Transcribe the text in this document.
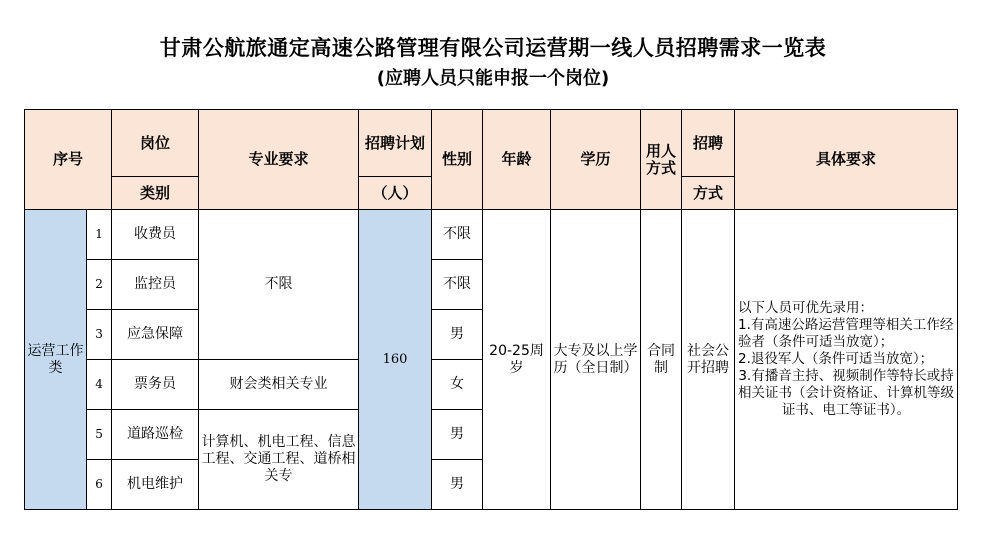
甘肃公航旅通定高速公路管理有限公司运营期一线人员招聘需求一览表
(应聘人员只能申报一个岗位)
序号		岗位	专业要求	招聘计划	性别	年龄	学历	用人
方式	招聘	具体要求
		类别		（人）					方式	
运营工作类	1	收费员	不限	160	不限	20-25周岁	大专及以上学历（全日制）	合同制	社会公开招聘	以下人员可优先录用：
1.有高速公路运营管理等相关工作经验者（条件可适当放宽）；
2.退役军人（条件可适当放宽）；
3.有播音主持、视频制作等特长或持相关证书（会计资格证、计算机等级证书、电工等证书）。

	2	监控员			不限					
	3	应急保障			男					
	4	票务员	财会类相关专业		女					
	5	道路巡检	计算机、机电工程、信息工程、交通工程、道桥相关专		男					
	6	机电维护			男					
